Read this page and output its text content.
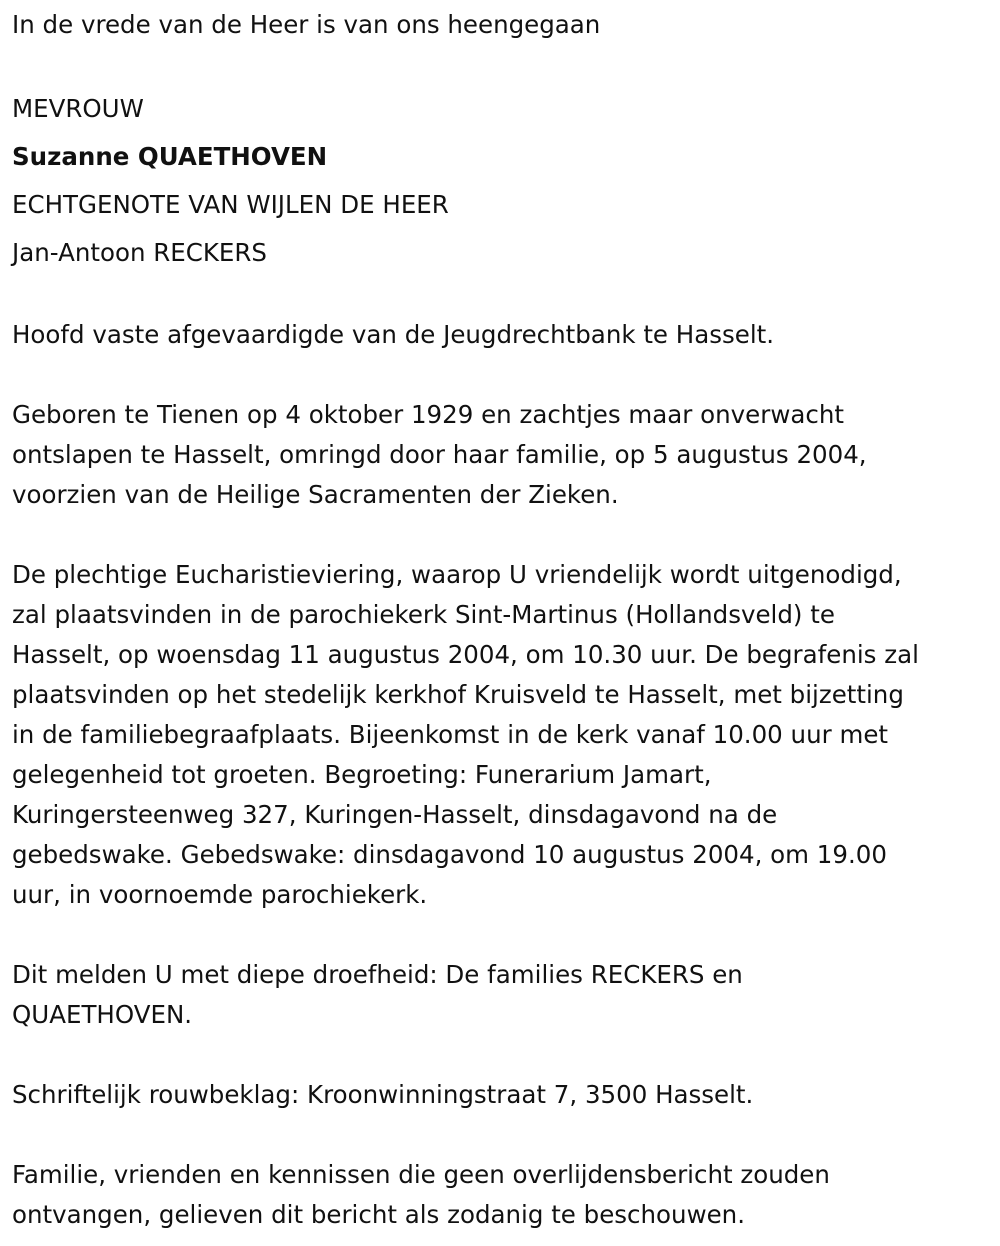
In de vrede van de Heer is van ons heengegaan
MEVROUW
Suzanne QUAETHOVEN
ECHTGENOTE VAN WIJLEN DE HEER
Jan-Antoon RECKERS
Hoofd vaste afgevaardigde van de Jeugdrechtbank te Hasselt.
Geboren te Tienen op 4 oktober 1929 en zachtjes maar onverwacht
ontslapen te Hasselt, omringd door haar familie, op 5 augustus 2004,
voorzien van de Heilige Sacramenten der Zieken.
De plechtige Eucharistieviering, waarop U vriendelijk wordt uitgenodigd,
zal plaatsvinden in de parochiekerk Sint-Martinus (Hollandsveld) te
Hasselt, op woensdag 11 augustus 2004, om 10.30 uur. De begrafenis zal
plaatsvinden op het stedelijk kerkhof Kruisveld te Hasselt, met bijzetting
in de familiebegraafplaats. Bijeenkomst in de kerk vanaf 10.00 uur met
gelegenheid tot groeten. Begroeting: Funerarium Jamart,
Kuringersteenweg 327, Kuringen-Hasselt, dinsdagavond na de
gebedswake. Gebedswake: dinsdagavond 10 augustus 2004, om 19.00
uur, in voornoemde parochiekerk.
Dit melden U met diepe droefheid: De families RECKERS en
QUAETHOVEN.
Schriftelijk rouwbeklag: Kroonwinningstraat 7, 3500 Hasselt.
Familie, vrienden en kennissen die geen overlijdensbericht zouden
ontvangen, gelieven dit bericht als zodanig te beschouwen.
